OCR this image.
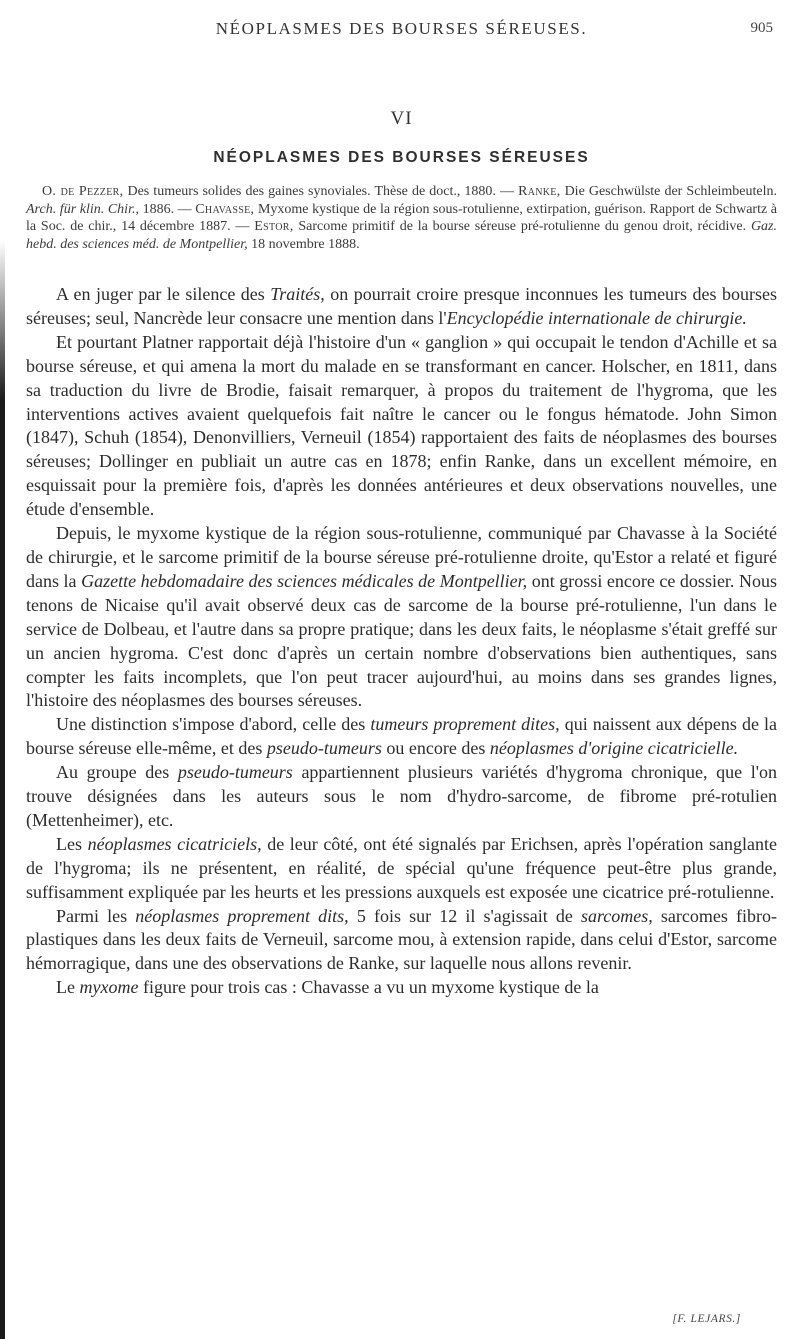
NÉOPLASMES DES BOURSES SÉREUSES.	905
VI
NÉOPLASMES DES BOURSES SÉREUSES

O. de Pezzer, Des tumeurs solides des gaines synoviales. Thèse de doct., 1880. — Ranke, Die Geschwülste der Schleimbeuteln. Arch. für klin. Chir., 1886. — Chavasse, Myxome kystique de la région sous-rotulienne, extirpation, guérison. Rapport de Schwartz à la Soc. de chir., 14 décembre 1887. — Estor, Sarcome primitif de la bourse séreuse pré-rotulienne du genou droit, récidive. Gaz. hebd. des sciences méd. de Montpellier, 18 novembre 1888.

A en juger par le silence des Traités, on pourrait croire presque inconnues les tumeurs des bourses séreuses; seul, Nancrède leur consacre une mention dans l'Encyclopédie internationale de chirurgie.

Et pourtant Platner rapportait déjà l'histoire d'un « ganglion » qui occupait le tendon d'Achille et sa bourse séreuse, et qui amena la mort du malade en se transformant en cancer. Holscher, en 1811, dans sa traduction du livre de Brodie, faisait remarquer, à propos du traitement de l'hygroma, que les interventions actives avaient quelquefois fait naître le cancer ou le fongus hématode. John Simon (1847), Schuh (1854), Denonvilliers, Verneuil (1854) rapportaient des faits de néoplasmes des bourses séreuses; Dollinger en publiait un autre cas en 1878; enfin Ranke, dans un excellent mémoire, en esquissait pour la première fois, d'après les données antérieures et deux observations nouvelles, une étude d'ensemble.

Depuis, le myxome kystique de la région sous-rotulienne, communiqué par Chavasse à la Société de chirurgie, et le sarcome primitif de la bourse séreuse pré-rotulienne droite, qu'Estor a relaté et figuré dans la Gazette hebdomadaire des sciences médicales de Montpellier, ont grossi encore ce dossier. Nous tenons de Nicaise qu'il avait observé deux cas de sarcome de la bourse pré-rotulienne, l'un dans le service de Dolbeau, et l'autre dans sa propre pratique; dans les deux faits, le néoplasme s'était greffé sur un ancien hygroma. C'est donc d'après un certain nombre d'observations bien authentiques, sans compter les faits incomplets, que l'on peut tracer aujourd'hui, au moins dans ses grandes lignes, l'histoire des néoplasmes des bourses séreuses.

Une distinction s'impose d'abord, celle des tumeurs proprement dites, qui naissent aux dépens de la bourse séreuse elle-même, et des pseudo-tumeurs ou encore des néoplasmes d'origine cicatricielle.

Au groupe des pseudo-tumeurs appartiennent plusieurs variétés d'hygroma chronique, que l'on trouve désignées dans les auteurs sous le nom d'hydro-sarcome, de fibrome pré-rotulien (Mettenheimer), etc.

Les néoplasmes cicatriciels, de leur côté, ont été signalés par Erichsen, après l'opération sanglante de l'hygroma; ils ne présentent, en réalité, de spécial qu'une fréquence peut-être plus grande, suffisamment expliquée par les heurts et les pressions auxquels est exposée une cicatrice pré-rotulienne.

Parmi les néoplasmes proprement dits, 5 fois sur 12 il s'agissait de sarcomes, sarcomes fibro-plastiques dans les deux faits de Verneuil, sarcome mou, à extension rapide, dans celui d'Estor, sarcome hémorragique, dans une des observations de Ranke, sur laquelle nous allons revenir.

Le myxome figure pour trois cas : Chavasse a vu un myxome kystique de la

[F. LEJARS.]
